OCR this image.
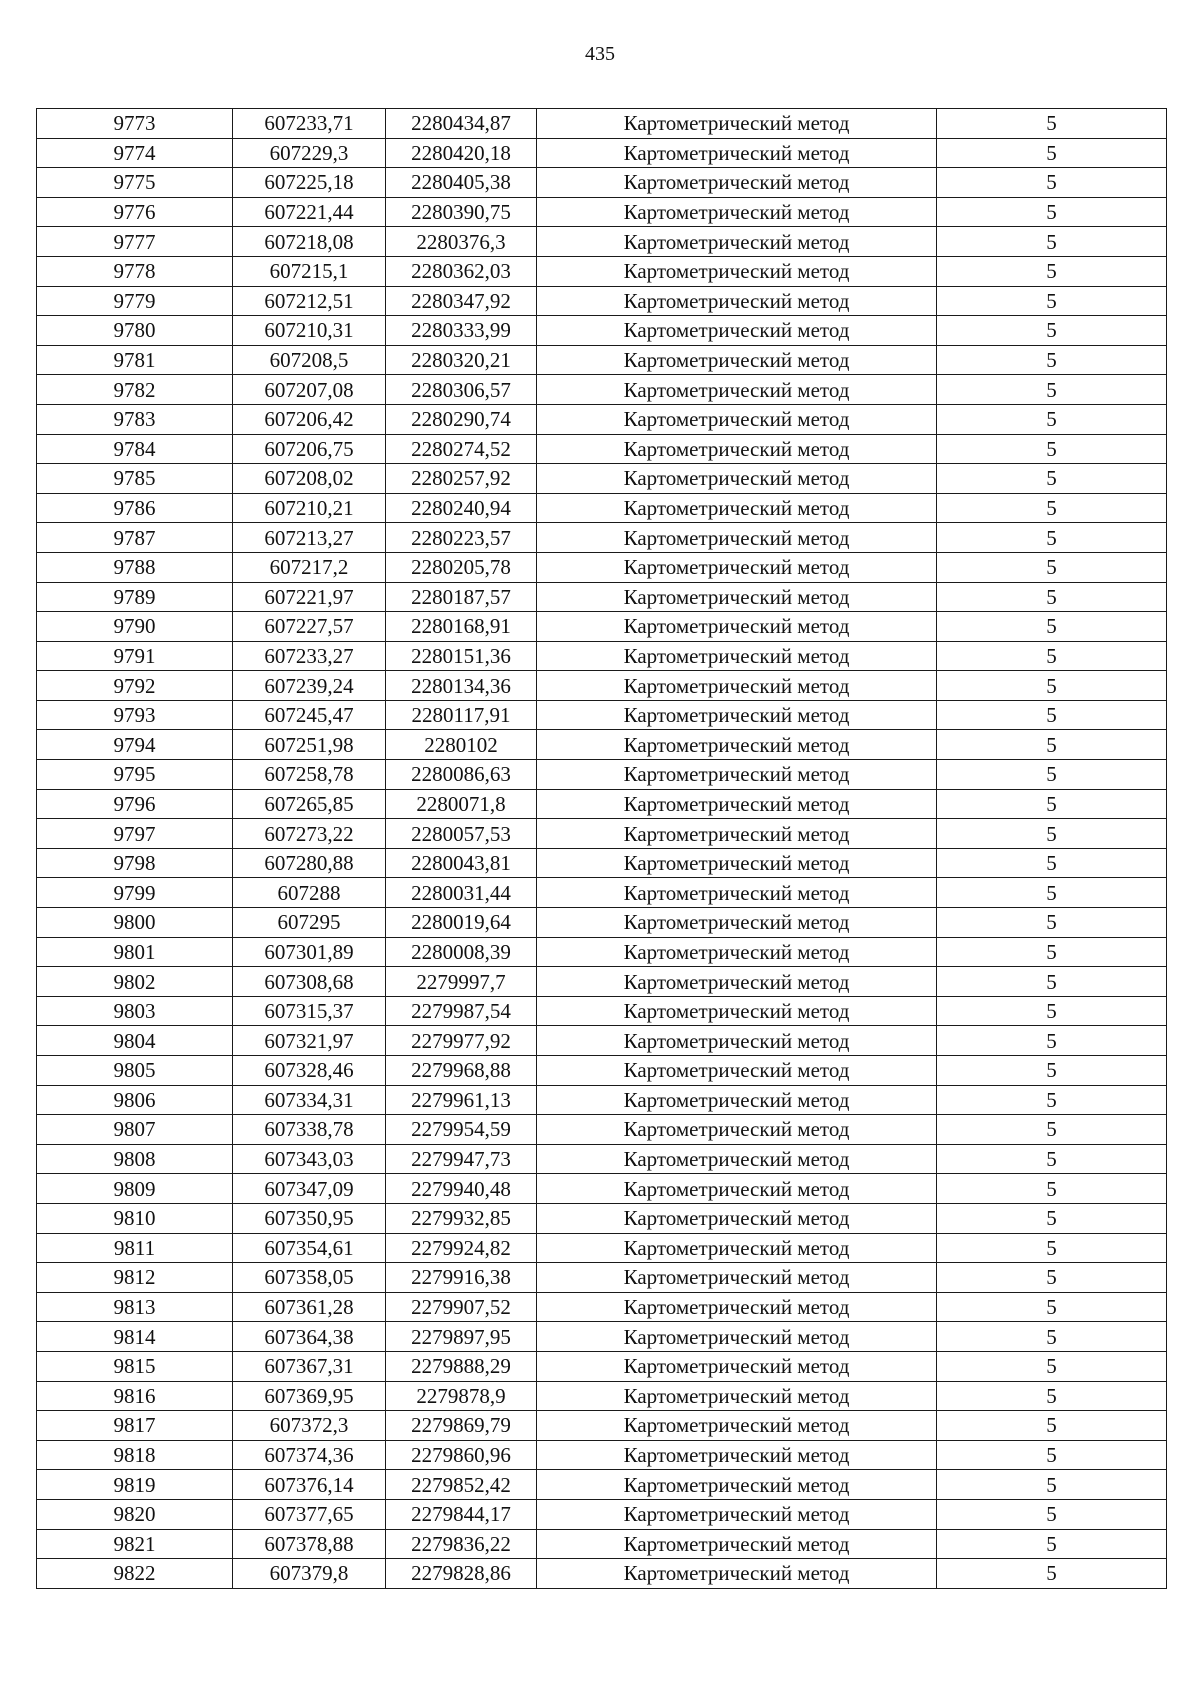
435
9773	607233,71	2280434,87	Картометрический метод	5
9774	607229,3	2280420,18	Картометрический метод	5
9775	607225,18	2280405,38	Картометрический метод	5
9776	607221,44	2280390,75	Картометрический метод	5
9777	607218,08	2280376,3	Картометрический метод	5
9778	607215,1	2280362,03	Картометрический метод	5
9779	607212,51	2280347,92	Картометрический метод	5
9780	607210,31	2280333,99	Картометрический метод	5
9781	607208,5	2280320,21	Картометрический метод	5
9782	607207,08	2280306,57	Картометрический метод	5
9783	607206,42	2280290,74	Картометрический метод	5
9784	607206,75	2280274,52	Картометрический метод	5
9785	607208,02	2280257,92	Картометрический метод	5
9786	607210,21	2280240,94	Картометрический метод	5
9787	607213,27	2280223,57	Картометрический метод	5
9788	607217,2	2280205,78	Картометрический метод	5
9789	607221,97	2280187,57	Картометрический метод	5
9790	607227,57	2280168,91	Картометрический метод	5
9791	607233,27	2280151,36	Картометрический метод	5
9792	607239,24	2280134,36	Картометрический метод	5
9793	607245,47	2280117,91	Картометрический метод	5
9794	607251,98	2280102	Картометрический метод	5
9795	607258,78	2280086,63	Картометрический метод	5
9796	607265,85	2280071,8	Картометрический метод	5
9797	607273,22	2280057,53	Картометрический метод	5
9798	607280,88	2280043,81	Картометрический метод	5
9799	607288	2280031,44	Картометрический метод	5
9800	607295	2280019,64	Картометрический метод	5
9801	607301,89	2280008,39	Картометрический метод	5
9802	607308,68	2279997,7	Картометрический метод	5
9803	607315,37	2279987,54	Картометрический метод	5
9804	607321,97	2279977,92	Картометрический метод	5
9805	607328,46	2279968,88	Картометрический метод	5
9806	607334,31	2279961,13	Картометрический метод	5
9807	607338,78	2279954,59	Картометрический метод	5
9808	607343,03	2279947,73	Картометрический метод	5
9809	607347,09	2279940,48	Картометрический метод	5
9810	607350,95	2279932,85	Картометрический метод	5
9811	607354,61	2279924,82	Картометрический метод	5
9812	607358,05	2279916,38	Картометрический метод	5
9813	607361,28	2279907,52	Картометрический метод	5
9814	607364,38	2279897,95	Картометрический метод	5
9815	607367,31	2279888,29	Картометрический метод	5
9816	607369,95	2279878,9	Картометрический метод	5
9817	607372,3	2279869,79	Картометрический метод	5
9818	607374,36	2279860,96	Картометрический метод	5
9819	607376,14	2279852,42	Картометрический метод	5
9820	607377,65	2279844,17	Картометрический метод	5
9821	607378,88	2279836,22	Картометрический метод	5
9822	607379,8	2279828,86	Картометрический метод	5
